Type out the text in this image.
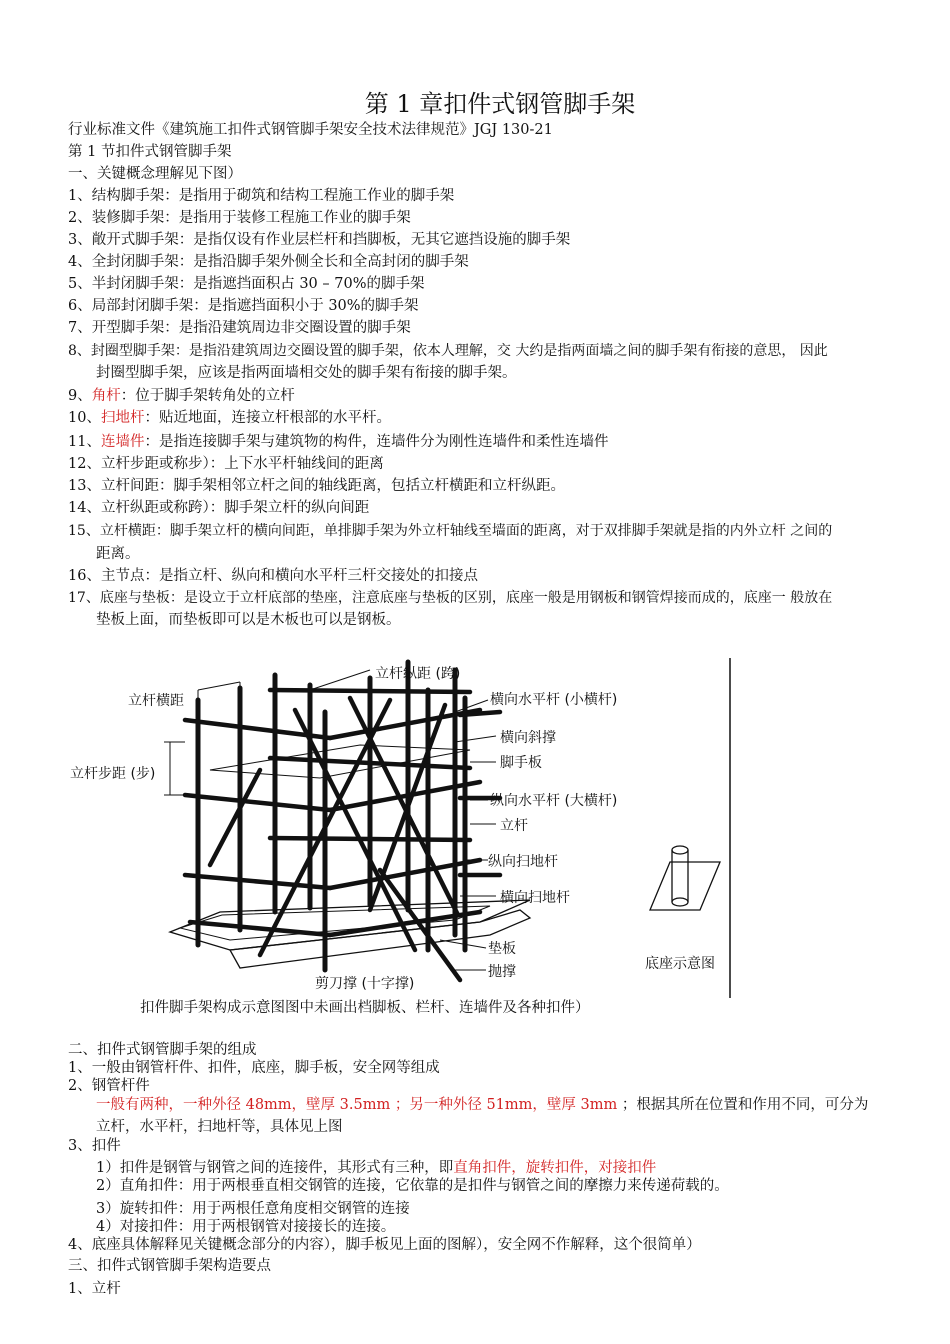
第 1 章扣件式钢管脚手架
行业标准文件《建筑施工扣件式钢管脚手架安全技术法律规范》JGJ 130-21
第 1 节扣件式钢管脚手架
一、关键概念理解见下图）
1、结构脚手架：是指用于砌筑和结构工程施工作业的脚手架
2、装修脚手架：是指用于装修工程施工作业的脚手架
3、敞开式脚手架：是指仅设有作业层栏杆和挡脚板，无其它遮挡设施的脚手架
4、全封闭脚手架：是指沿脚手架外侧全长和全高封闭的脚手架
5、半封闭脚手架：是指遮挡面积占 30 – 70%的脚手架
6、局部封闭脚手架：是指遮挡面积小于 30%的脚手架
7、开型脚手架：是指沿建筑周边非交圈设置的脚手架
8、封圈型脚手架：是指沿建筑周边交圈设置的脚手架，依本人理解，交 大约是指两面墙之间的脚手架有衔接的意思， 因此
封圈型脚手架，应该是指两面墙相交处的脚手架有衔接的脚手架。
9、角杆：位于脚手架转角处的立杆
10、扫地杆：贴近地面，连接立杆根部的水平杆。
11、连墙件：是指连接脚手架与建筑物的构件，连墙件分为刚性连墙件和柔性连墙件
12、立杆步距或称步）：上下水平杆轴线间的距离
13、立杆间距：脚手架相邻立杆之间的轴线距离，包括立杆横距和立杆纵距。
14、立杆纵距或称跨）：脚手架立杆的纵向间距
15、立杆横距：脚手架立杆的横向间距，单排脚手架为外立杆轴线至墙面的距离，对于双排脚手架就是指的内外立杆 之间的
距离。
16、主节点：是指立杆、纵向和横向水平杆三杆交接处的扣接点
17、底座与垫板：是设立于立杆底部的垫座，注意底座与垫板的区别，底座一般是用钢板和钢管焊接而成的，底座一 般放在
垫板上面，而垫板即可以是木板也可以是钢板。
立杆横距
立杆纵距 (跨)
立杆步距 (步)
横向水平杆 (小横杆)
横向斜撑
脚手板
纵向水平杆 (大横杆)
立杆
纵向扫地杆
横向扫地杆
垫板
抛撑
剪刀撑 (十字撑)
底座示意图
扣件脚手架构成示意图图中未画出档脚板、栏杆、连墙件及各种扣件）
二、扣件式钢管脚手架的组成
1、一般由钢管杆件、扣件，底座，脚手板，安全网等组成
2、钢管杆件
一般有两种，一种外径 48mm，壁厚 3.5mm ；另一种外径 51mm，壁厚 3mm ；根据其所在位置和作用不同，可分为
立杆，水平杆，扫地杆等，具体见上图
3、扣件
1）扣件是钢管与钢管之间的连接件，其形式有三种，即直角扣件，旋转扣件，对接扣件
2）直角扣件：用于两根垂直相交钢管的连接，它依靠的是扣件与钢管之间的摩擦力来传递荷载的。
3）旋转扣件：用于两根任意角度相交钢管的连接
4）对接扣件：用于两根钢管对接接长的连接。
4、底座具体解释见关键概念部分的内容），脚手板见上面的图解），安全网不作解释，这个很简单）
三、扣件式钢管脚手架构造要点
1、立杆
